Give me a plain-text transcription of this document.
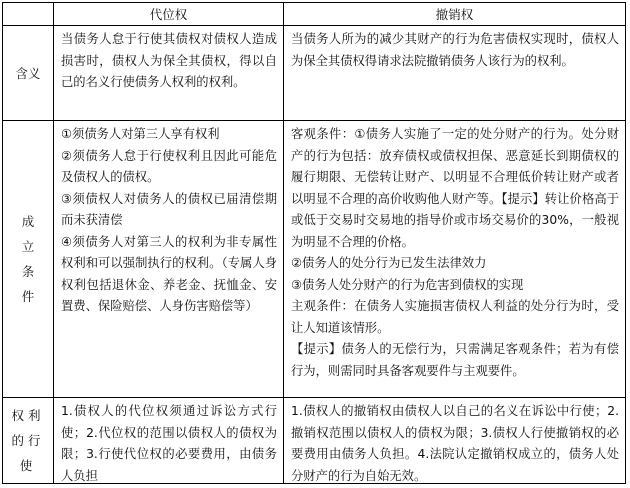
代位权	撤销权
含义

当债务人怠于行使其债权对债权人造成损害时，债权人为保全其债权，得以自己的名义行使债务人权利的权利。

当债务人所为的减少其财产的行为危害债权实现时，债权人为保全其债权得请求法院撤销债务人该行为的权利。

成立条件

①须债务人对第三人享有权利

②须债务人怠于行使权利且因此可能危及债权人的债权。

③须债权人对债务人的债权已届清偿期而未获清偿

④须债务人对第三人的权利为非专属性权利和可以强制执行的权利。（专属人身权利包括退休金、养老金、抚恤金、安置费、保险赔偿、人身伤害赔偿等）

客观条件：①债务人实施了一定的处分财产的行为。处分财产的行为包括：放弃债权或债权担保、恶意延长到期债权的履行期限、无偿转让财产、以明显不合理低价转让财产或者以明显不合理的高价收购他人财产等。【提示】转让价格高于或低于交易时交易地的指导价或市场交易价的30%，一般视为明显不合理的价格。

②债务人的处分行为已发生法律效力

③债务人处分财产的行为危害到债权的实现

主观条件：在债务人实施损害债权人利益的处分行为时，受让人知道该情形。

【提示】债务人的无偿行为，只需满足客观条件；若为有偿行为，则需同时具备客观要件与主观要件。

权利的行使

1.债权人的代位权须通过诉讼方式行使；2.代位权的范围以债权人的债权为限；3.行使代位权的必要费用，由债务人负担

1.债权人的撤销权由债权人以自己的名义在诉讼中行使；2.撤销权范围以债权人的债权为限；3.债权人行使撤销权的必要费用由债务人负担。4.法院认定撤销权成立的，债务人处分财产的行为自始无效。
